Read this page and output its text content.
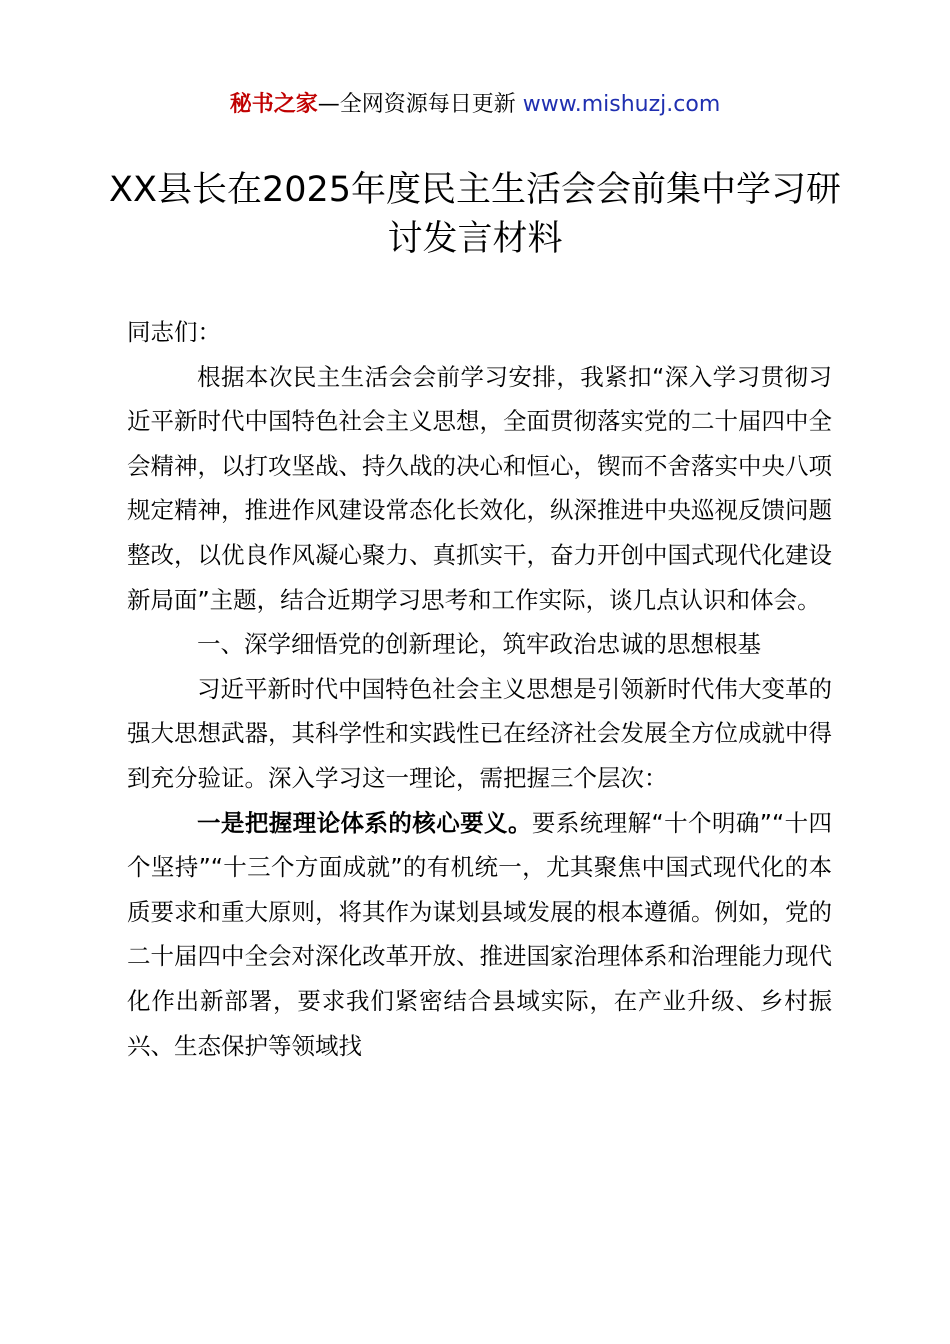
秘书之家—全网资源每日更新 www.mishuzj.com
XX县长在2025年度民主生活会会前集中学习研讨发言材料

同志们：

根据本次民主生活会会前学习安排，我紧扣“深入学习贯彻习近平新时代中国特色社会主义思想，全面贯彻落实党的二十届四中全会精神，以打攻坚战、持久战的决心和恒心，锲而不舍落实中央八项规定精神，推进作风建设常态化长效化，纵深推进中央巡视反馈问题整改，以优良作风凝心聚力、真抓实干，奋力开创中国式现代化建设新局面”主题，结合近期学习思考和工作实际，谈几点认识和体会。

一、深学细悟党的创新理论，筑牢政治忠诚的思想根基

习近平新时代中国特色社会主义思想是引领新时代伟大变革的强大思想武器，其科学性和实践性已在经济社会发展全方位成就中得到充分验证。深入学习这一理论，需把握三个层次：

一是把握理论体系的核心要义。要系统理解“十个明确”“十四个坚持”“十三个方面成就”的有机统一，尤其聚焦中国式现代化的本质要求和重大原则，将其作为谋划县域发展的根本遵循。例如，党的二十届四中全会对深化改革开放、推进国家治理体系和治理能力现代化作出新部署，要求我们紧密结合县域实际，在产业升级、乡村振兴、生态保护等领域找
